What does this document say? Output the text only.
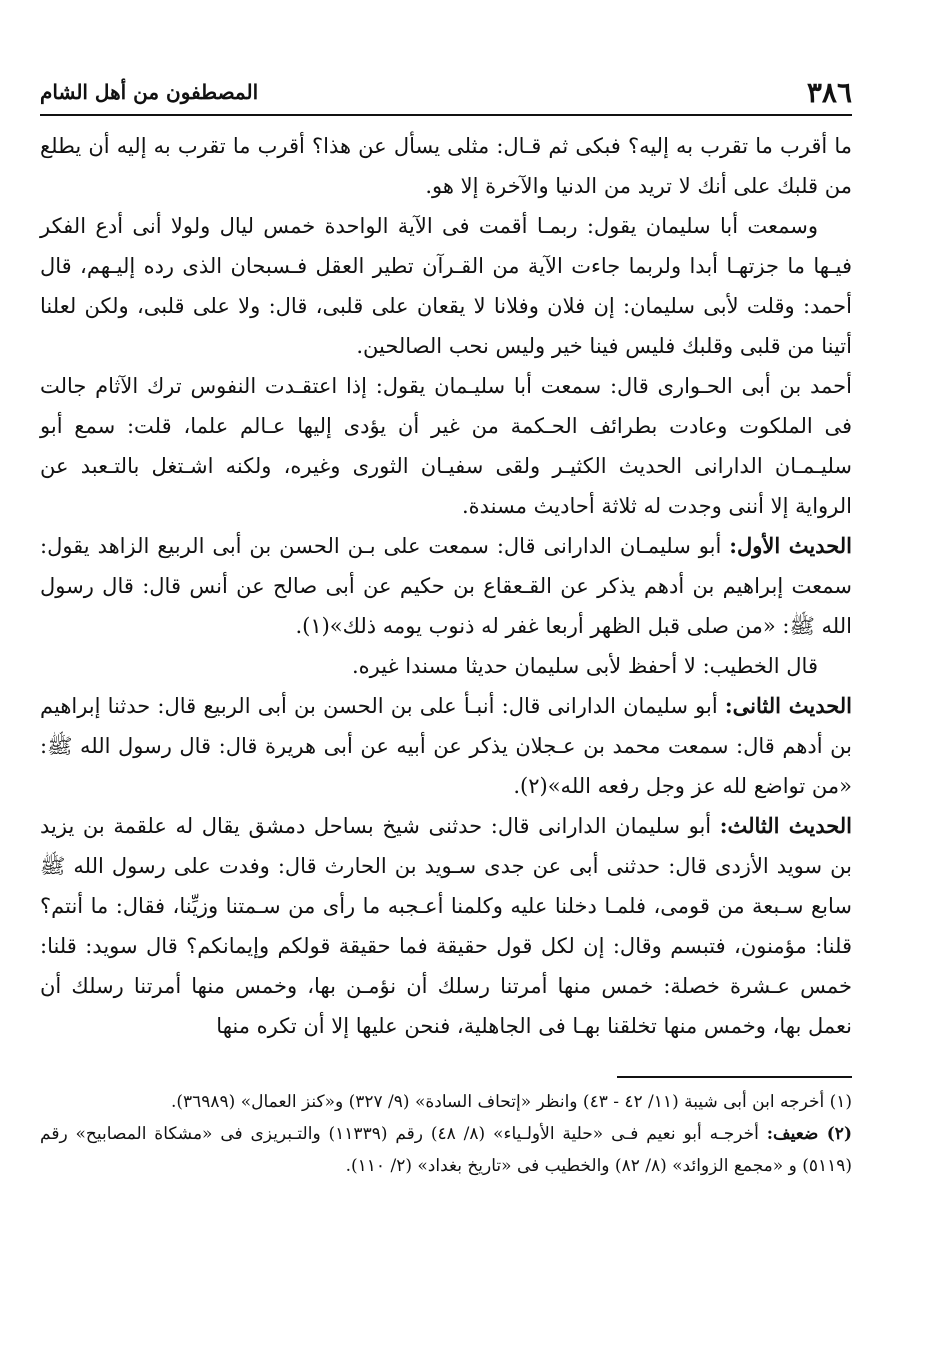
٣٨٦
المصطفون من أهل الشام

ما أقرب ما تقرب به إليه؟ فبكى ثم قـال: مثلى يسأل عن هذا؟ أقرب ما تقرب به إليه أن يطلع من قلبك على أنك لا تريد من الدنيا والآخرة إلا هو.

وسمعت أبا سليمان يقول: ربمـا أقمت فى الآية الواحدة خمس ليال ولولا أنى أدع الفكر فيـها ما جزتهـا أبدا ولربما جاءت الآية من القـرآن تطير العقل فـسبحان الذى رده إليـهم، قال أحمد: وقلت لأبى سليمان: إن فلان وفلانا لا يقعان على قلبى، قال: ولا على قلبى، ولكن لعلنا أتينا من قلبى وقلبك فليس فينا خير وليس نحب الصالحين.

أحمد بن أبى الحـوارى قال: سمعت أبا سليـمان يقول: إذا اعتقـدت النفوس ترك الآثام جالت فى الملكوت وعادت بطرائف الحـكمة من غير أن يؤدى إليها عـالم علما، قلت: سمع أبو سليـمـان الدارانى الحديث الكثيـر ولقى سفيـان الثورى وغيره، ولكنه اشـتغل بالتـعبد عن الرواية إلا أننى وجدت له ثلاثة أحاديث مسندة.

الحديث الأول: أبو سليمـان الدارانى قال: سمعت على بـن الحسن بن أبى الربيع الزاهد يقول: سمعت إبراهيم بن أدهم يذكر عن القـعقاع بن حكيم عن أبى صالح عن أنس قال: قال رسول الله ﷺ: «من صلى قبل الظهر أربعا غفر له ذنوب يومه ذلك»(١).

قال الخطيب: لا أحفظ لأبى سليمان حديثا مسندا غيره.

الحديث الثانى: أبو سليمان الدارانى قال: أنبـأ على بن الحسن بن أبى الربيع قال: حدثنا إبراهيم بن أدهم قال: سمعت محمد بن عـجلان يذكر عن أبيه عن أبى هريرة قال: قال رسول الله ﷺ: «من تواضع لله عز وجل رفعه الله»(٢).

الحديث الثالث: أبو سليمان الدارانى قال: حدثنى شيخ بساحل دمشق يقال له علقمة بن يزيد بن سويد الأزدى قال: حدثنى أبى عن جدى سـويد بن الحارث قال: وفدت على رسول الله ﷺ سابع سـبعة من قومى، فلمـا دخلنا عليه وكلمنا أعـجبه ما رأى من سـمتنا وزيِّنا، فقال: ما أنتم؟ قلنا: مؤمنون، فتبسم وقال: إن لكل قول حقيقة فما حقيقة قولكم وإيمانكم؟ قال سويد: قلنا: خمس عـشرة خصلة: خمس منها أمرتنا رسلك أن نؤمـن بها، وخمس منها أمرتنا رسلك أن نعمل بها، وخمس منها تخلقنا بهـا فى الجاهلية، فنحن عليها إلا أن تكره منها

(١) أخرجه ابن أبى شيبة (١١/ ٤٢ - ٤٣) وانظر «إتحاف السادة» (٩/ ٣٢٧) و«كنز العمال» (٣٦٩٨٩).

(٢) ضعيف: أخرجـه أبو نعيم فـى «حلية الأولـياء» (٨/ ٤٨) رقم (١١٣٣٩) والتـبريزى فى «مشكاة المصابيح» رقم (٥١١٩) و «مجمع الزوائد» (٨/ ٨٢) والخطيب فى «تاريخ بغداد» (٢/ ١١٠).
